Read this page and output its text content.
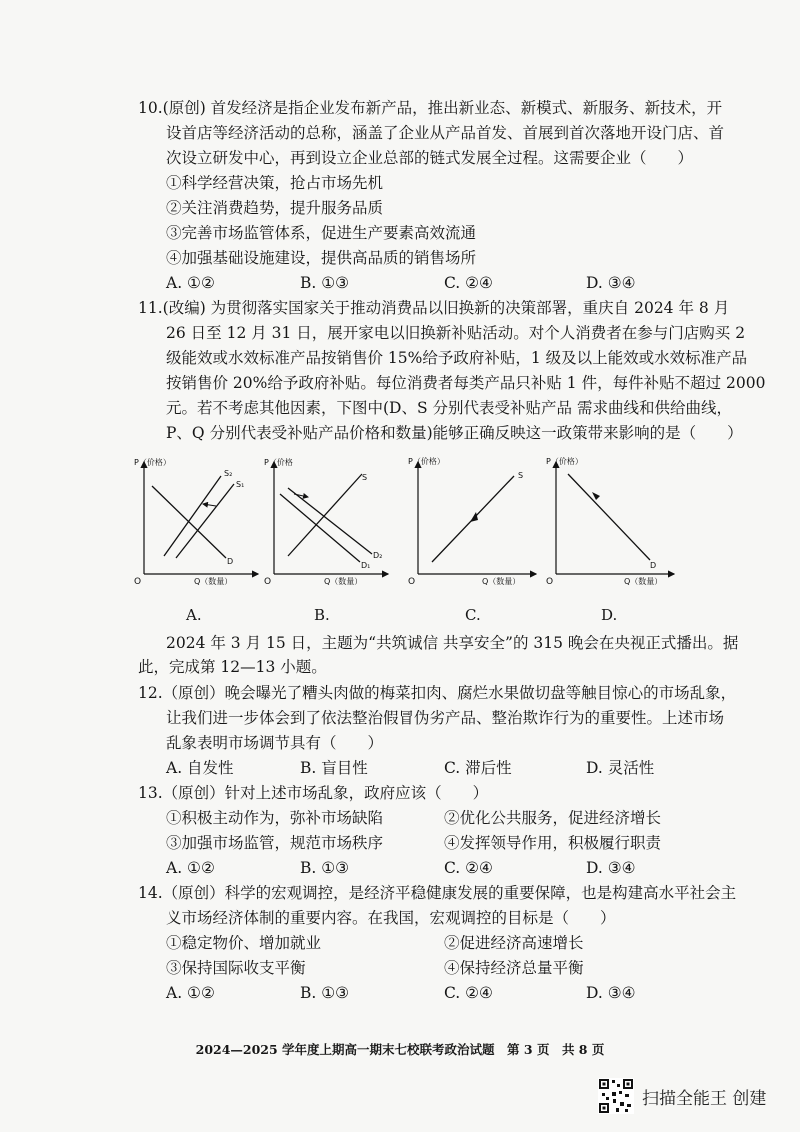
10.(原创) 首发经济是指企业发布新产品，推出新业态、新模式、新服务、新技术，开
设首店等经济活动的总称，涵盖了企业从产品首发、首展到首次落地开设门店、首
次设立研发中心，再到设立企业总部的链式发展全过程。这需要企业（　　）
①科学经营决策，抢占市场先机
②关注消费趋势，提升服务品质
③完善市场监管体系，促进生产要素高效流通
④加强基础设施建设，提供高品质的销售场所
A. ①②	B. ①③	C. ②④	D. ③④
11.(改编) 为贯彻落实国家关于推动消费品以旧换新的决策部署，重庆自 2024 年 8 月
26 日至 12 月 31 日，展开家电以旧换新补贴活动。对个人消费者在参与门店购买 2
级能效或水效标准产品按销售价 15%给予政府补贴，1 级及以上能效或水效标准产品
按销售价 20%给予政府补贴。每位消费者每类产品只补贴 1 件，每件补贴不超过 2000
元。若不考虑其他因素，下图中(D、S 分别代表受补贴产品 需求曲线和供给曲线，
P、Q 分别代表受补贴产品价格和数量)能够正确反映这一政策带来影响的是（　　）
P（价格）
O	Q（数量）
S₂
S₁
D
P（价格
O	Q（数量）
S
D₂
D₁
P（价格）
O	Q（数量）
S
P（价格）
O	Q（数量）
D
A.	B.	C.	D.
2024 年 3 月 15 日，主题为“共筑诚信 共享安全”的 315 晚会在央视正式播出。据
此，完成第 12—13 小题。
12.（原创）晚会曝光了糟头肉做的梅菜扣肉、腐烂水果做切盘等触目惊心的市场乱象，
让我们进一步体会到了依法整治假冒伪劣产品、整治欺诈行为的重要性。上述市场
乱象表明市场调节具有（　　）
A. 自发性	B. 盲目性	C. 滞后性	D. 灵活性
13.（原创）针对上述市场乱象，政府应该（　　）
①积极主动作为，弥补市场缺陷	②优化公共服务，促进经济增长
③加强市场监管，规范市场秩序	④发挥领导作用，积极履行职责
A. ①②	B. ①③	C. ②④	D. ③④
14.（原创）科学的宏观调控，是经济平稳健康发展的重要保障，也是构建高水平社会主
义市场经济体制的重要内容。在我国，宏观调控的目标是（　　）
①稳定物价、增加就业	②促进经济高速增长
③保持国际收支平衡	④保持经济总量平衡
A. ①②	B. ①③	C. ②④	D. ③④
2024—2025 学年度上期高一期末七校联考政治试题　第 3 页　共 8 页
扫描全能王 创建
